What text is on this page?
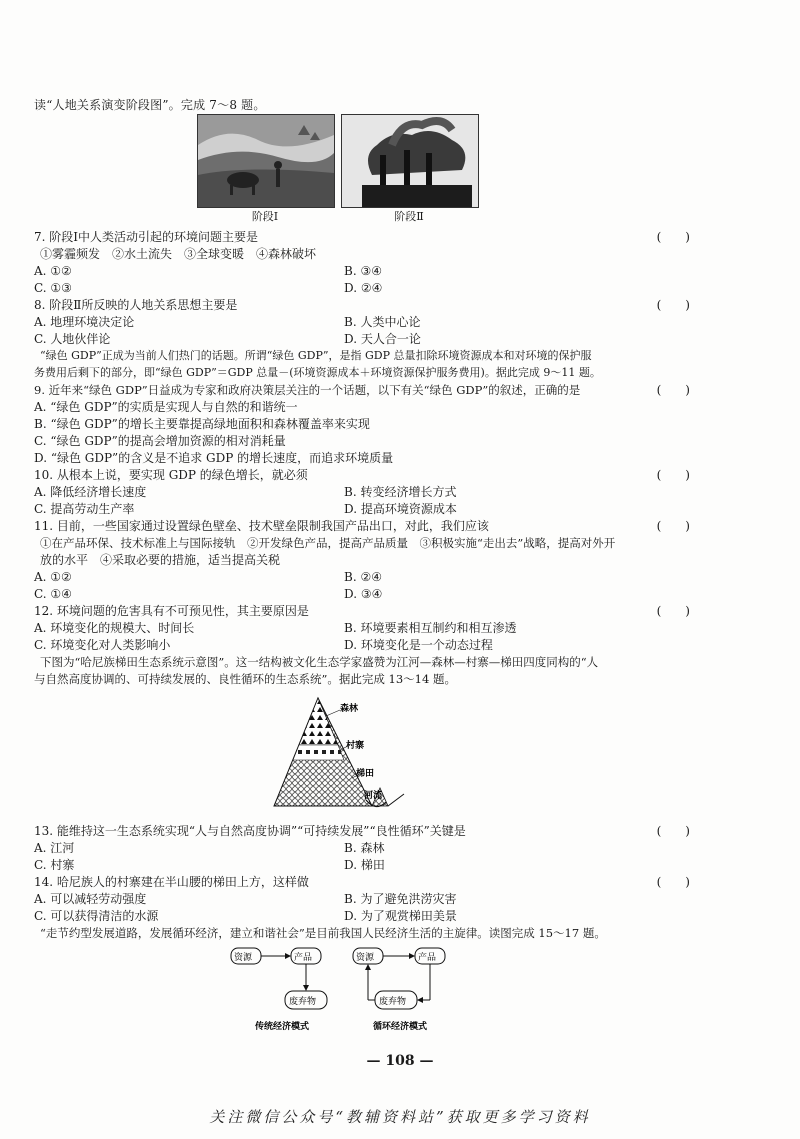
读“人地关系演变阶段图”。完成 7～8 题。
阶段Ⅰ	阶段Ⅱ
7. 阶段Ⅰ中人类活动引起的环境问题主要是	(　　)
①雾霾频发　②水土流失　③全球变暖　④森林破坏
A. ①②	B. ③④
C. ①③	D. ②④
8. 阶段Ⅱ所反映的人地关系思想主要是	(　　)
A. 地理环境决定论	B. 人类中心论
C. 人地伙伴论	D. 天人合一论
“绿色 GDP”正成为当前人们热门的话题。所谓“绿色 GDP”，是指 GDP 总量扣除环境资源成本和对环境的保护服
务费用后剩下的部分，即“绿色 GDP”＝GDP 总量－(环境资源成本＋环境资源保护服务费用)。据此完成 9～11 题。
9. 近年来“绿色 GDP”日益成为专家和政府决策层关注的一个话题，以下有关“绿色 GDP”的叙述，正确的是	(　　)
A. “绿色 GDP”的实质是实现人与自然的和谐统一
B. “绿色 GDP”的增长主要靠提高绿地面积和森林覆盖率来实现
C. “绿色 GDP”的提高会增加资源的相对消耗量
D. “绿色 GDP”的含义是不追求 GDP 的增长速度，而追求环境质量
10. 从根本上说，要实现 GDP 的绿色增长，就必须	(　　)
A. 降低经济增长速度	B. 转变经济增长方式
C. 提高劳动生产率	D. 提高环境资源成本
11. 目前，一些国家通过设置绿色壁垒、技术壁垒限制我国产品出口，对此，我们应该	(　　)
①在产品环保、技术标准上与国际接轨　②开发绿色产品，提高产品质量　③积极实施“走出去”战略，提高对外开
放的水平　④采取必要的措施，适当提高关税
A. ①②	B. ②④
C. ①④	D. ③④
12. 环境问题的危害具有不可预见性，其主要原因是	(　　)
A. 环境变化的规模大、时间长	B. 环境要素相互制约和相互渗透
C. 环境变化对人类影响小	D. 环境变化是一个动态过程
下图为“哈尼族梯田生态系统示意图”。这一结构被文化生态学家盛赞为江河—森林—村寨—梯田四度同构的“人
与自然高度协调的、可持续发展的、良性循环的生态系统”。据此完成 13～14 题。
森林
村寨
梯田
河流
13. 能维持这一生态系统实现“人与自然高度协调”“可持续发展”“良性循环”关键是	(　　)
A. 江河	B. 森林
C. 村寨	D. 梯田
14. 哈尼族人的村寨建在半山腰的梯田上方，这样做	(　　)
A. 可以减轻劳动强度	B. 为了避免洪涝灾害
C. 可以获得清洁的水源	D. 为了观赏梯田美景
“走节约型发展道路，发展循环经济，建立和谐社会”是目前我国人民经济生活的主旋律。读图完成 15～17 题。
资源	产品
废弃物
传统经济模式
资源	产品
废弃物
循环经济模式
— 108 —
关注微信公众号“教辅资料站”获取更多学习资料
